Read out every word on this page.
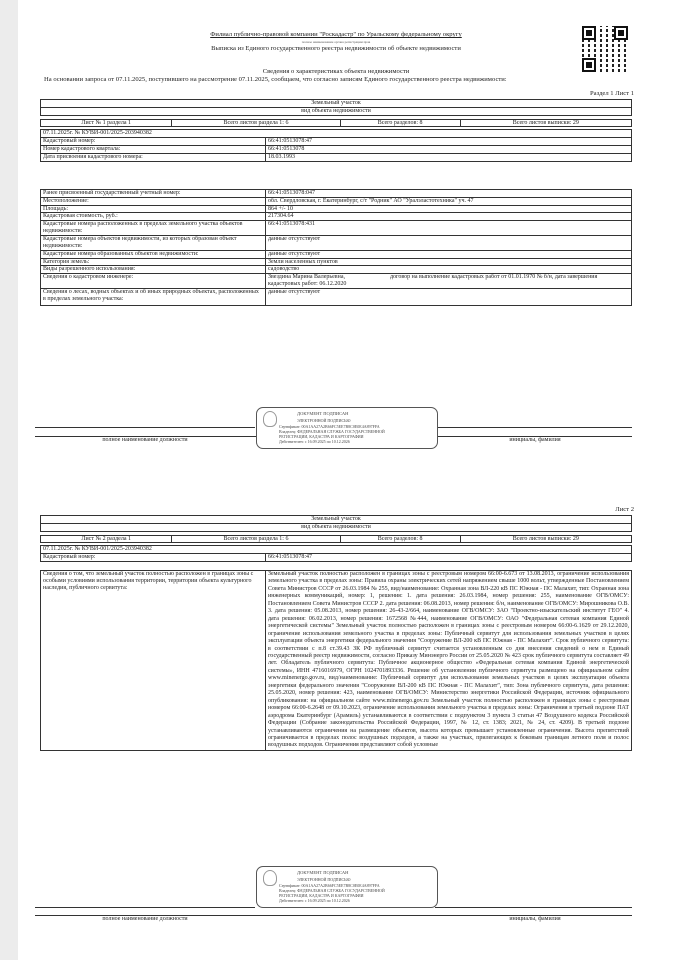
Филиал публично-правовой компании "Роскадастр" по Уральскому федеральному округу
полное наименование органа регистрации прав
Выписка из Единого государственного реестра недвижимости об объекте недвижимости
Сведения о характеристиках объекта недвижимости
На основании запроса от 07.11.2025, поступившего на рассмотрение 07.11.2025, сообщаем, что согласно записям Единого государственного реестра недвижимости:
Раздел 1 Лист 1
Земельный участок
вид объекта недвижимости
Лист № 1 раздела 1	Всего листов раздела 1: 6	Всего разделов: 8	Всего листов выписки: 29
07.11.2025г. № КУВИ-001/2025-203940382	
Кадастровый номер:	66:41:0513078:47
Номер кадастрового квартала:	66:41:0513078
Дата присвоения кадастрового номера:	18.03.1993
Ранее присвоенный государственный учетный номер:	66:41:0513078:047
Местоположение:	обл. Свердловская, г. Екатеринбург, с/т "Родник" АО "Уралэластотехника" уч. 47
Площадь:	864 +/- 10
Кадастровая стоимость, руб.:	217304.64
Кадастровые номера расположенных в пределах земельного участка объектов недвижимости:	66:41:0513078:431
Кадастровые номера объектов недвижимости, из которых образован объект недвижимости:	данные отсутствуют
Кадастровые номера образованных объектов недвижимости:	данные отсутствуют
Категория земель:	Земли населенных пунктов
Виды разрешенного использования:	садоводство
Сведения о кадастровом инженере:	Звездина Марина Валерьевна,                              договор на выполнение кадастровых работ от 01.01.1970 № б/н, дата завершения кадастровых работ: 06.12.2020
Сведения о лесах, водных объектах и об иных природных объектах, расположенных в пределах земельного участка:	данные отсутствуют
полное наименование должности	инициалы, фамилия
ДОКУМЕНТ ПОДПИСАН
ЭЛЕКТРОННОЙ ПОДПИСЬЮ
Сертификат: 00A1AA27A2B66FC5EE7B8C0E0E4A897FFA
Владелец: ФЕДЕРАЛЬНАЯ СЛУЖБА ГОСУДАРСТВЕННОЙ
РЕГИСТРАЦИИ, КАДАСТРА И КАРТОГРАФИИ
Действителен: с 16.09.2025 по 10.12.2026
Лист 2
Земельный участок
вид объекта недвижимости
Лист № 2 раздела 1	Всего листов раздела 1: 6	Всего разделов: 8	Всего листов выписки: 29
07.11.2025г. № КУВИ-001/2025-203940382
Кадастровый номер:	66:41:0513078:47
Сведения о том, что земельный участок полностью расположен в границах зоны с особыми условиями использования территории, территории объекта культурного наследия, публичного сервитута:	Земельный участок полностью расположен в границах зоны с реестровым номером 66:00-6.673 от 13.08.2013, ограничение использования земельного участка в пределах зоны: Правила охраны электрических сетей напряжением свыше 1000 вольт, утвержденные Постановлением Совета Министров СССР от 26.03.1984 № 255, вид/наименование: Охранная зона ВЛ-220 кВ ПС Южная - ПС Малахит, тип: Охранная зона инженерных коммуникаций, номер: 1, решения: 1. дата решения: 26.03.1984, номер решения: 255, наименование ОГВ/ОМСУ: Постановлением Совета Министров СССР 2. дата решения: 06.08.2013, номер решения: б/н, наименование ОГВ/ОМСУ: Мирошникова О.В. 3. дата решения: 05.08.2013, номер решения: 26-43-2/664, наименование ОГВ/ОМСУ: ЗАО "Проектно-изыскательский институт ГЕО" 4. дата решения: 06.02.2013, номер решения: 1672568 №444, наименование ОГВ/ОМСУ: ОАО "Федеральная сетевая компания Единой энергетической системы" Земельный участок полностью расположен в границах зоны с реестровым номером 66:00-6.1629 от 29.12.2020, ограничение использования земельного участка в пределах зоны: Публичный сервитут для использования земельных участков в целях эксплуатации объекта энергетики федерального значения "Сооружение ВЛ-200 кВ ПС Южная - ПС Малахит". Срок публичного сервитута: в соответствии с п.8 ст.39.43 ЗК РФ публичный сервитут считается установленным со дня внесения сведений о нем в Единый государственный реестр недвижимости, согласно Приказу Минэнерго России от 25.05.2020 № 423 срок публичного сервитута составляет 49 лет. Обладатель публичного сервитута: Публичное акционерное общество «Федеральная сетевая компания Единой энергетической системы», ИНН 4716016979, ОГРН 1024701893336. Решение об установлении публичного сервитута размещено на официальном сайте www.minenergo.gov.ru, вид/наименование: Публичный сервитут для использования земельных участков в целях эксплуатации объекта энергетики федерального значения "Сооружение ВЛ-200 кВ ПС Южная - ПС Малахит", тип: Зона публичного сервитута, дата решения: 25.05.2020, номер решения: 423, наименование ОГВ/ОМСУ: Министерство энергетики Российской Федерации, источник официального опубликования: на официальном сайте www.minenergo.gov.ru Земельный участок полностью расположен в границах зоны с реестровым номером 66:00-6.2648 от 09.10.2023, ограничение использования земельного участка в пределах зоны: Ограничения в третьей подзоне ПАТ аэродрома Екатеринбург (Арамиль) устанавливаются в соответствии с подпунктом 3 пункта 3 статьи 47 Воздушного кодекса Российской Федерации (Собрание законодательства Российской Федерации, 1997, № 12, ст. 1383; 2021, № 24, ст. 4209). В третьей подзоне устанавливаются ограничения на размещение объектов, высота которых превышает установленные ограничения. Высота препятствий ограничивается в пределах полос воздушных подходов, а также на участках, прилегающих к боковым границам летного поля и полос воздушных подходов. Ограничения представляют собой условные
полное наименование должности	инициалы, фамилия
ДОКУМЕНТ ПОДПИСАН
ЭЛЕКТРОННОЙ ПОДПИСЬЮ
Сертификат: 00A1AA27A2B66FC5EE7B8C0E0E4A897FFA
Владелец: ФЕДЕРАЛЬНАЯ СЛУЖБА ГОСУДАРСТВЕННОЙ
РЕГИСТРАЦИИ, КАДАСТРА И КАРТОГРАФИИ
Действителен: с 16.09.2025 по 10.12.2026
